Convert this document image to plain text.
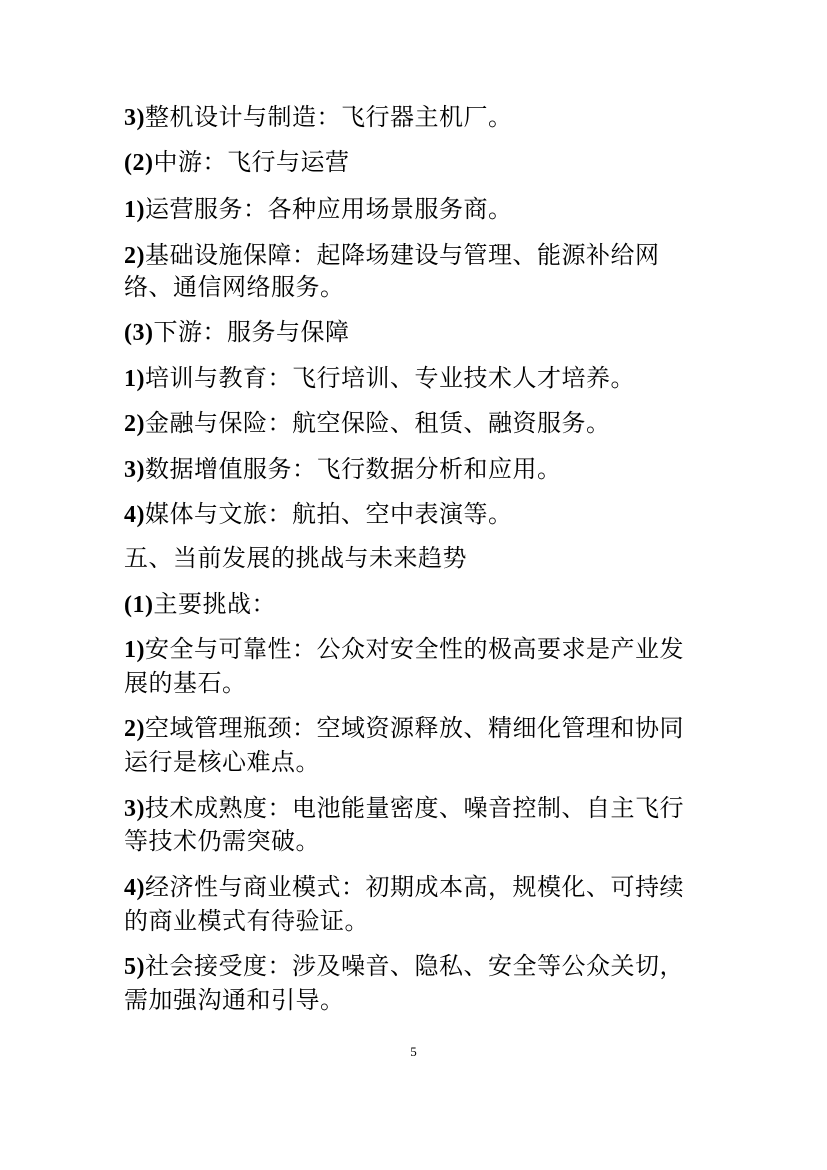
3)整机设计与制造：飞行器主机厂。
(2)中游：飞行与运营
1)运营服务：各种应用场景服务商。
2)基础设施保障：起降场建设与管理、能源补给网
络、通信网络服务。
(3)下游：服务与保障
1)培训与教育：飞行培训、专业技术人才培养。
2)金融与保险：航空保险、租赁、融资服务。
3)数据增值服务：飞行数据分析和应用。
4)媒体与文旅：航拍、空中表演等。
五、当前发展的挑战与未来趋势
(1)主要挑战：
1)安全与可靠性：公众对安全性的极高要求是产业发
展的基石。
2)空域管理瓶颈：空域资源释放、精细化管理和协同
运行是核心难点。
3)技术成熟度：电池能量密度、噪音控制、自主飞行
等技术仍需突破。
4)经济性与商业模式：初期成本高，规模化、可持续
的商业模式有待验证。
5)社会接受度：涉及噪音、隐私、安全等公众关切，
需加强沟通和引导。
5
